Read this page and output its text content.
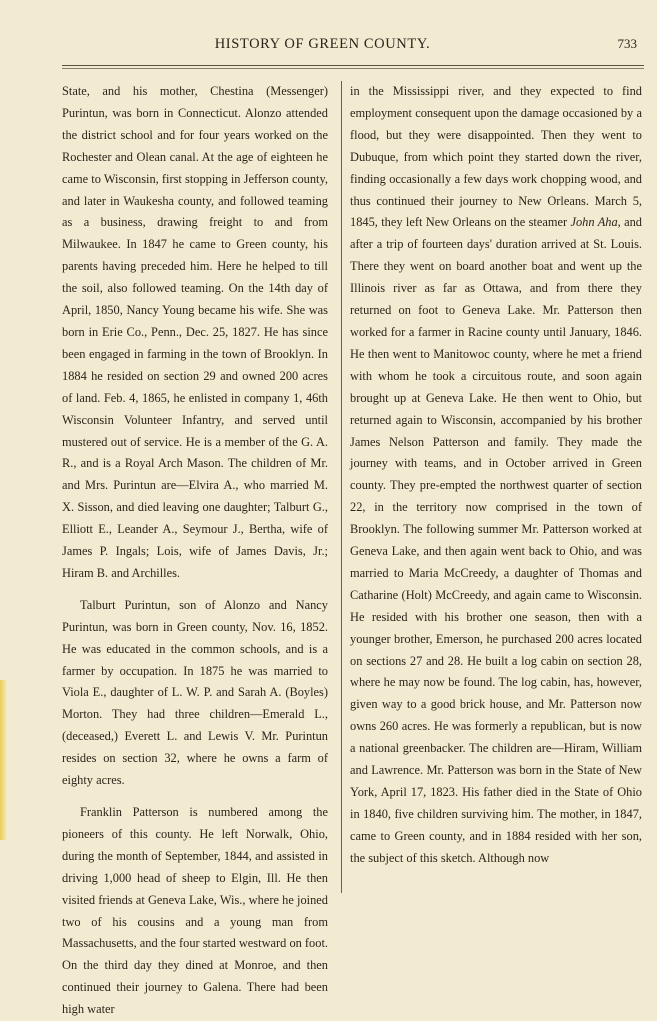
HISTORY OF GREEN COUNTY.	733

State, and his mother, Chestina (Messenger) Purintun, was born in Connecticut. Alonzo attended the district school and for four years worked on the Rochester and Olean canal. At the age of eighteen he came to Wisconsin, first stopping in Jefferson county, and later in Waukesha county, and followed teaming as a business, drawing freight to and from Milwaukee. In 1847 he came to Green county, his parents having preceded him. Here he helped to till the soil, also followed teaming. On the 14th day of April, 1850, Nancy Young became his wife. She was born in Erie Co., Penn., Dec. 25, 1827. He has since been engaged in farming in the town of Brooklyn. In 1884 he resided on section 29 and owned 200 acres of land. Feb. 4, 1865, he enlisted in company 1, 46th Wisconsin Volunteer Infantry, and served until mustered out of service. He is a member of the G. A. R., and is a Royal Arch Mason. The children of Mr. and Mrs. Purintun are—Elvira A., who married M. X. Sisson, and died leaving one daughter; Talburt G., Elliott E., Leander A., Seymour J., Bertha, wife of James P. Ingals; Lois, wife of James Davis, Jr.; Hiram B. and Archilles.

Talburt Purintun, son of Alonzo and Nancy Purintun, was born in Green county, Nov. 16, 1852. He was educated in the common schools, and is a farmer by occupation. In 1875 he was married to Viola E., daughter of L. W. P. and Sarah A. (Boyles) Morton. They had three children—Emerald L., (deceased,) Everett L. and Lewis V. Mr. Purintun resides on section 32, where he owns a farm of eighty acres.

Franklin Patterson is numbered among the pioneers of this county. He left Norwalk, Ohio, during the month of September, 1844, and assisted in driving 1,000 head of sheep to Elgin, Ill. He then visited friends at Geneva Lake, Wis., where he joined two of his cousins and a young man from Massachusetts, and the four started westward on foot. On the third day they dined at Monroe, and then continued their journey to Galena. There had been high water

in the Mississippi river, and they expected to find employment consequent upon the damage occasioned by a flood, but they were disappointed. Then they went to Dubuque, from which point they started down the river, finding occasionally a few days work chopping wood, and thus continued their journey to New Orleans. March 5, 1845, they left New Orleans on the steamer John Aha, and after a trip of fourteen days' duration arrived at St. Louis. There they went on board another boat and went up the Illinois river as far as Ottawa, and from there they returned on foot to Geneva Lake. Mr. Patterson then worked for a farmer in Racine county until January, 1846. He then went to Manitowoc county, where he met a friend with whom he took a circuitous route, and soon again brought up at Geneva Lake. He then went to Ohio, but returned again to Wisconsin, accompanied by his brother James Nelson Patterson and family. They made the journey with teams, and in October arrived in Green county. They pre-empted the northwest quarter of section 22, in the territory now comprised in the town of Brooklyn. The following summer Mr. Patterson worked at Geneva Lake, and then again went back to Ohio, and was married to Maria McCreedy, a daughter of Thomas and Catharine (Holt) McCreedy, and again came to Wisconsin. He resided with his brother one season, then with a younger brother, Emerson, he purchased 200 acres located on sections 27 and 28. He built a log cabin on section 28, where he may now be found. The log cabin, has, however, given way to a good brick house, and Mr. Patterson now owns 260 acres. He was formerly a republican, but is now a national greenbacker. The children are—Hiram, William and Lawrence. Mr. Patterson was born in the State of New York, April 17, 1823. His father died in the State of Ohio in 1840, five children surviving him. The mother, in 1847, came to Green county, and in 1884 resided with her son, the subject of this sketch. Although now
